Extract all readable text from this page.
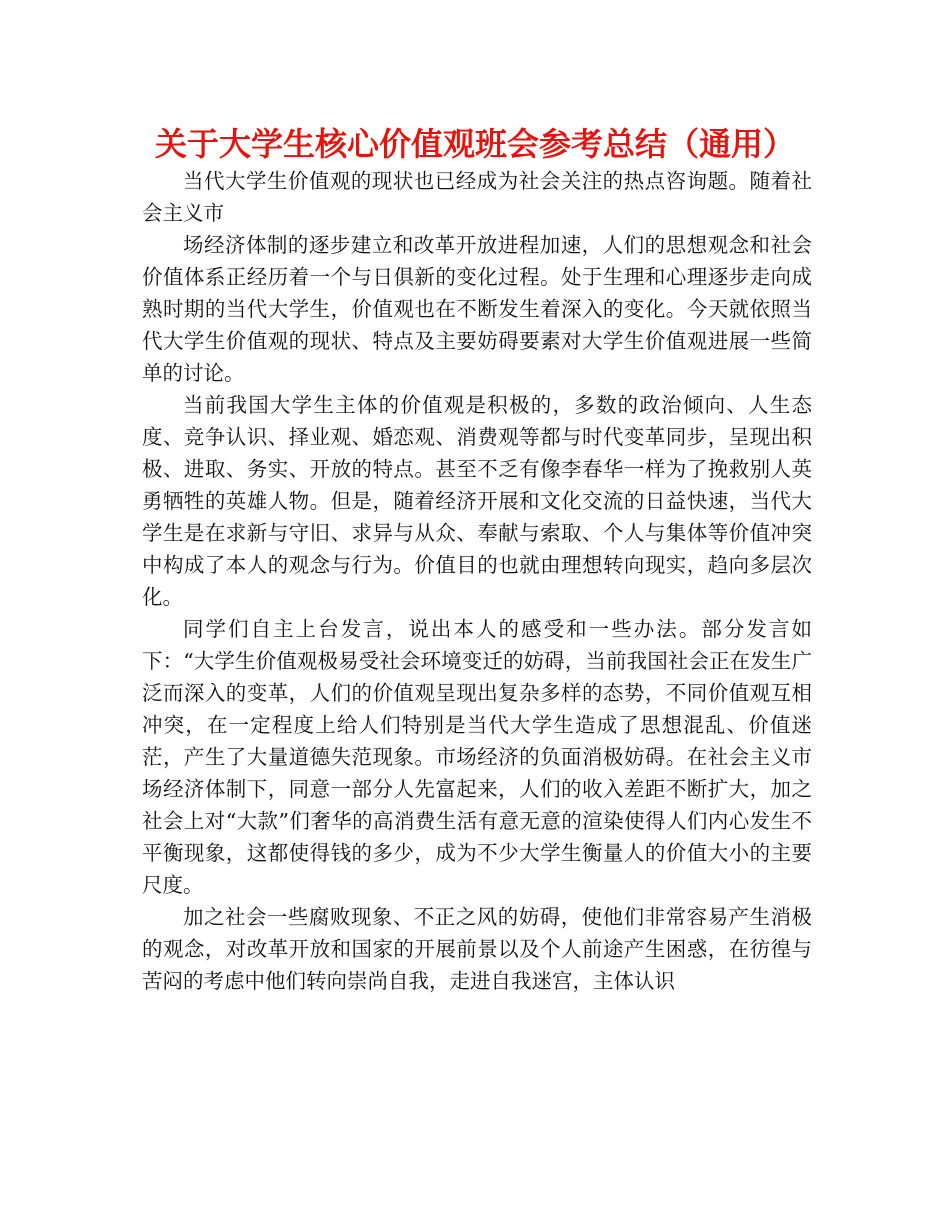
关于大学生核心价值观班会参考总结（通用）

当代大学生价值观的现状也已经成为社会关注的热点咨询题。随着社会主义市

场经济体制的逐步建立和改革开放进程加速，人们的思想观念和社会价值体系正经历着一个与日俱新的变化过程。处于生理和心理逐步走向成熟时期的当代大学生，价值观也在不断发生着深入的变化。今天就依照当代大学生价值观的现状、特点及主要妨碍要素对大学生价值观进展一些简单的讨论。

当前我国大学生主体的价值观是积极的，多数的政治倾向、人生态度、竞争认识、择业观、婚恋观、消费观等都与时代变革同步，呈现出积极、进取、务实、开放的特点。甚至不乏有像李春华一样为了挽救别人英勇牺牲的英雄人物。但是，随着经济开展和文化交流的日益快速，当代大学生是在求新与守旧、求异与从众、奉献与索取、个人与集体等价值冲突中构成了本人的观念与行为。价值目的也就由理想转向现实，趋向多层次化。

同学们自主上台发言，说出本人的感受和一些办法。部分发言如下：“大学生价值观极易受社会环境变迁的妨碍，当前我国社会正在发生广泛而深入的变革，人们的价值观呈现出复杂多样的态势，不同价值观互相冲突，在一定程度上给人们特别是当代大学生造成了思想混乱、价值迷茫，产生了大量道德失范现象。市场经济的负面消极妨碍。在社会主义市场经济体制下，同意一部分人先富起来，人们的收入差距不断扩大，加之社会上对“大款”们奢华的高消费生活有意无意的渲染使得人们内心发生不平衡现象，这都使得钱的多少，成为不少大学生衡量人的价值大小的主要尺度。

加之社会一些腐败现象、不正之风的妨碍，使他们非常容易产生消极的观念，对改革开放和国家的开展前景以及个人前途产生困惑，在彷徨与苦闷的考虑中他们转向崇尚自我，走进自我迷宫，主体认识
